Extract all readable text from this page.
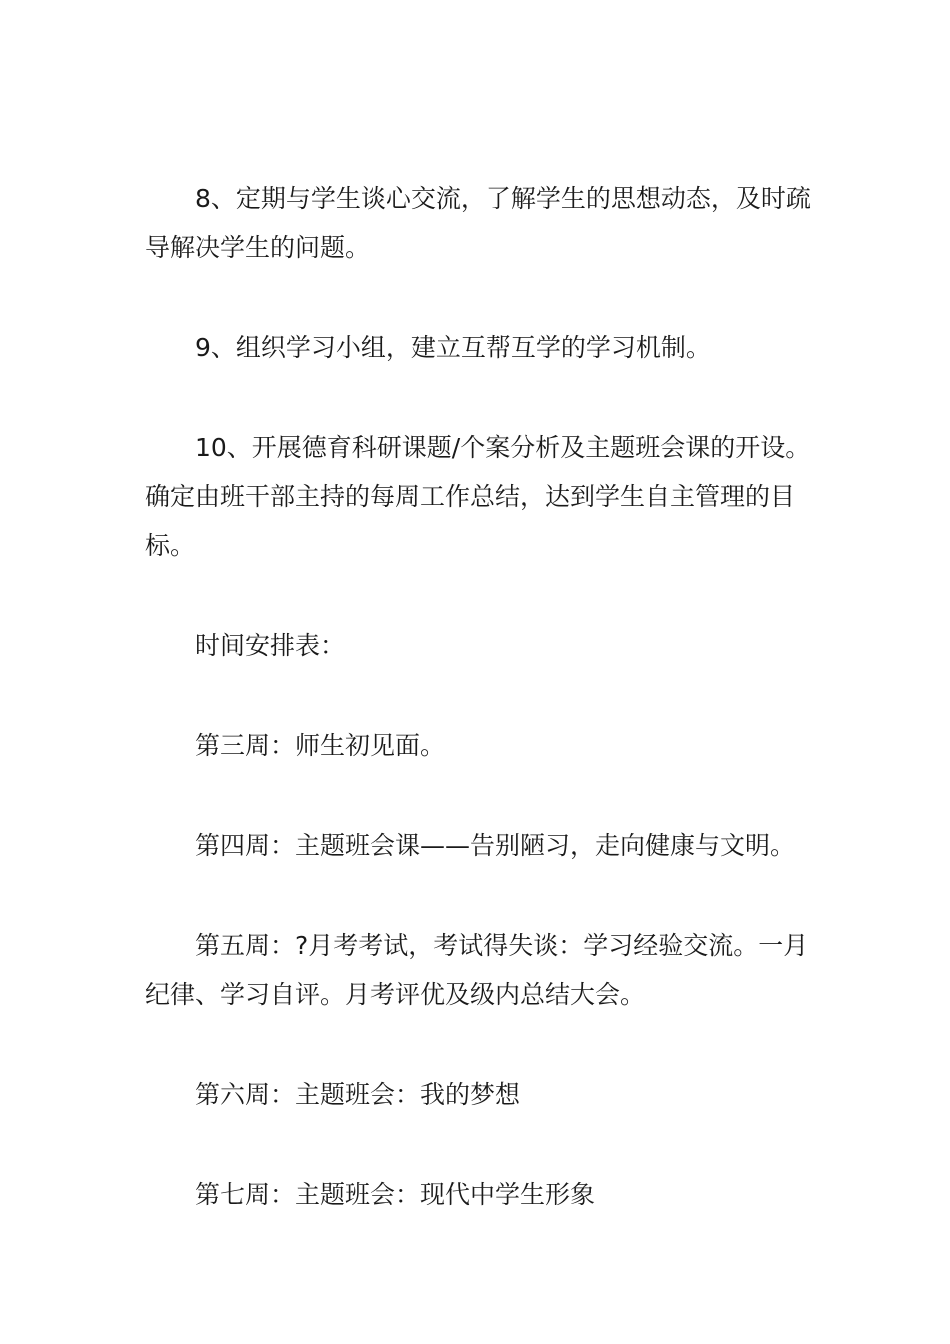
8、定期与学生谈心交流，了解学生的思想动态，及时疏导解决学生的问题。

9、组织学习小组，建立互帮互学的学习机制。

10、开展德育科研课题/个案分析及主题班会课的开设。确定由班干部主持的每周工作总结，达到学生自主管理的目标。

时间安排表：

第三周：师生初见面。

第四周：主题班会课——告别陋习，走向健康与文明。

第五周：?月考考试，考试得失谈：学习经验交流。一月纪律、学习自评。月考评优及级内总结大会。

第六周：主题班会：我的梦想

第七周：主题班会：现代中学生形象
